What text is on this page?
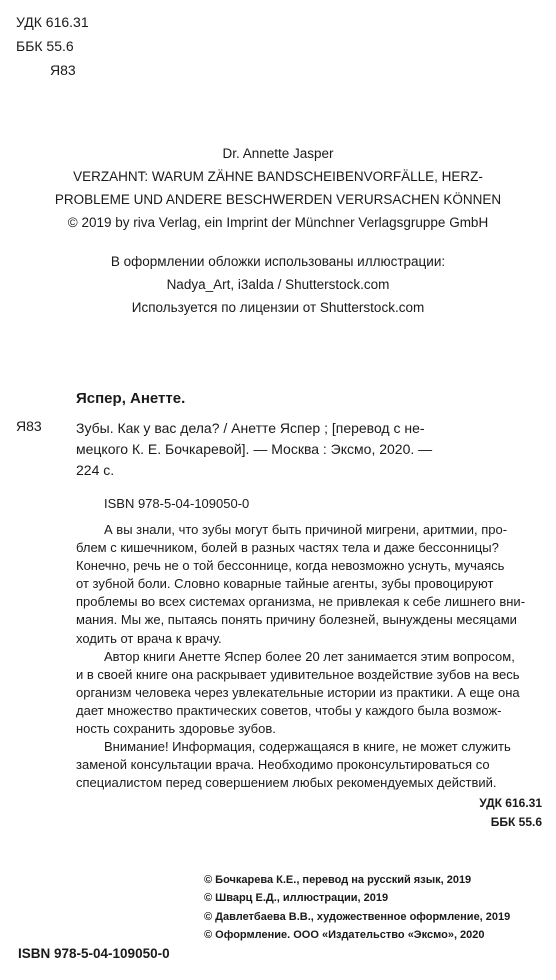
УДК 616.31
ББК 55.6
Я83
Dr. Annette Jasper
VERZAHNT: WARUM ZÄHNE BANDSCHEIBENVORFÄLLE, HERZ-
PROBLEME UND ANDERE BESCHWERDEN VERURSACHEN KÖNNEN
© 2019 by riva Verlag, ein Imprint der Münchner Verlagsgruppe GmbH
В оформлении обложки использованы иллюстрации:
Nadya_Art, i3alda / Shutterstock.com
Используется по лицензии от Shutterstock.com
Яспер, Анетте.
Я83 Зубы. Как у вас дела? / Анетте Яспер ; [перевод с не-
мецкого К. Е. Бочкаревой]. — Москва : Эксмо, 2020. —
224 с.
ISBN 978-5-04-109050-0

А вы знали, что зубы могут быть причиной мигрени, аритмии, про-
блем с кишечником, болей в разных частях тела и даже бессонницы?
Конечно, речь не о той бессоннице, когда невозможно уснуть, мучаясь
от зубной боли. Словно коварные тайные агенты, зубы провоцируют
проблемы во всех системах организма, не привлекая к себе лишнего вни-
мания. Мы же, пытаясь понять причину болезней, вынуждены месяцами
ходить от врача к врачу.

Автор книги Анетте Яспер более 20 лет занимается этим вопросом,
и в своей книге она раскрывает удивительное воздействие зубов на весь
организм человека через увлекательные истории из практики. А еще она
дает множество практических советов, чтобы у каждого была возмож-
ность сохранить здоровье зубов.

Внимание! Информация, содержащаяся в книге, не может служить
заменой консультации врача. Необходимо проконсультироваться со
специалистом перед совершением любых рекомендуемых действий.

УДК 616.31
ББК 55.6
© Бочкарева К.Е., перевод на русский язык, 2019
© Шварц Е.Д., иллюстрации, 2019
© Давлетбаева В.В., художественное оформление, 2019
© Оформление. ООО «Издательство «Эксмо», 2020
ISBN 978-5-04-109050-0
